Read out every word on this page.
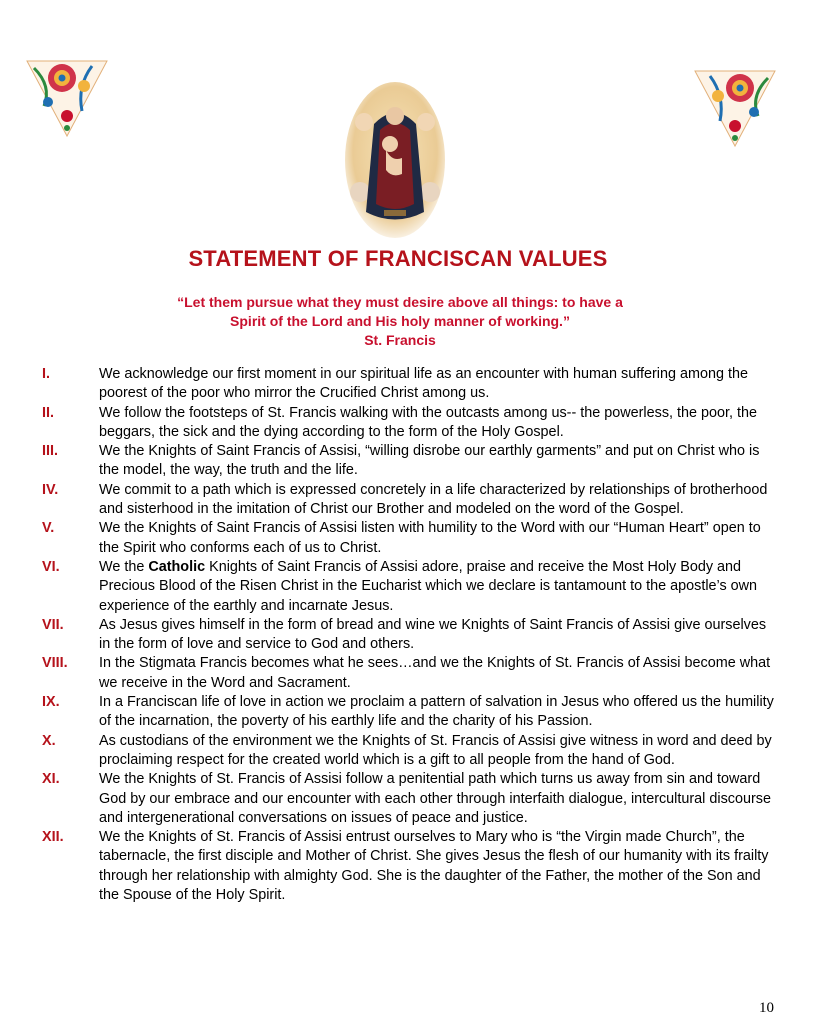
STATEMENT OF FRANCISCAN VALUES
“Let them pursue what they must desire above all things: to have a
Spirit of the Lord and His holy manner of working.”
St. Francis
I.	We acknowledge our first moment in our spiritual life as an encounter with human suffering among the poorest of the poor who mirror the Crucified Christ among us.
II.	We follow the footsteps of St. Francis walking with the outcasts among us-- the powerless, the poor, the beggars, the sick and the dying according to the form of the Holy Gospel.
III.	We the Knights of Saint Francis of Assisi, “willing disrobe our earthly garments” and put on Christ who is the model, the way, the truth and the life.
IV.	We commit to a path which is expressed concretely in a life characterized by relationships of brotherhood and sisterhood in the imitation of Christ our Brother and modeled on the word of the Gospel.
V.	We the Knights of Saint Francis of Assisi listen with humility to the Word with our “Human Heart” open to the Spirit who conforms each of us to Christ.
VI.	We the Catholic Knights of Saint Francis of Assisi adore, praise and receive the Most Holy Body and Precious Blood of the Risen Christ in the Eucharist which we declare is tantamount to the apostle’s own experience of the earthly and incarnate Jesus.
VII.	As Jesus gives himself in the form of bread and wine we Knights of Saint Francis of Assisi give ourselves in the form of love and service to God and others.
VIII.	In the Stigmata Francis becomes what he sees…and we the Knights of St. Francis of Assisi become what we receive in the Word and Sacrament.
IX.	In a Franciscan life of love in action we proclaim a pattern of salvation in Jesus who offered us the humility of the incarnation, the poverty of his earthly life and the charity of his Passion.
X.	As custodians of the environment we the Knights of St. Francis of Assisi give witness in word and deed by proclaiming respect for the created world which is a gift to all people from the hand of God.
XI.	We the Knights of St. Francis of Assisi follow a penitential path which turns us away from sin and toward God by our embrace and our encounter with each other through interfaith dialogue, intercultural discourse and intergenerational conversations on issues of peace and justice.
XII.	We the Knights of St. Francis of Assisi entrust ourselves to Mary who is “the Virgin made Church”, the tabernacle, the first disciple and Mother of Christ. She gives Jesus the flesh of our humanity with its frailty through her relationship with almighty God. She is the daughter of the Father, the mother of the Son and the Spouse of the Holy Spirit.
10
